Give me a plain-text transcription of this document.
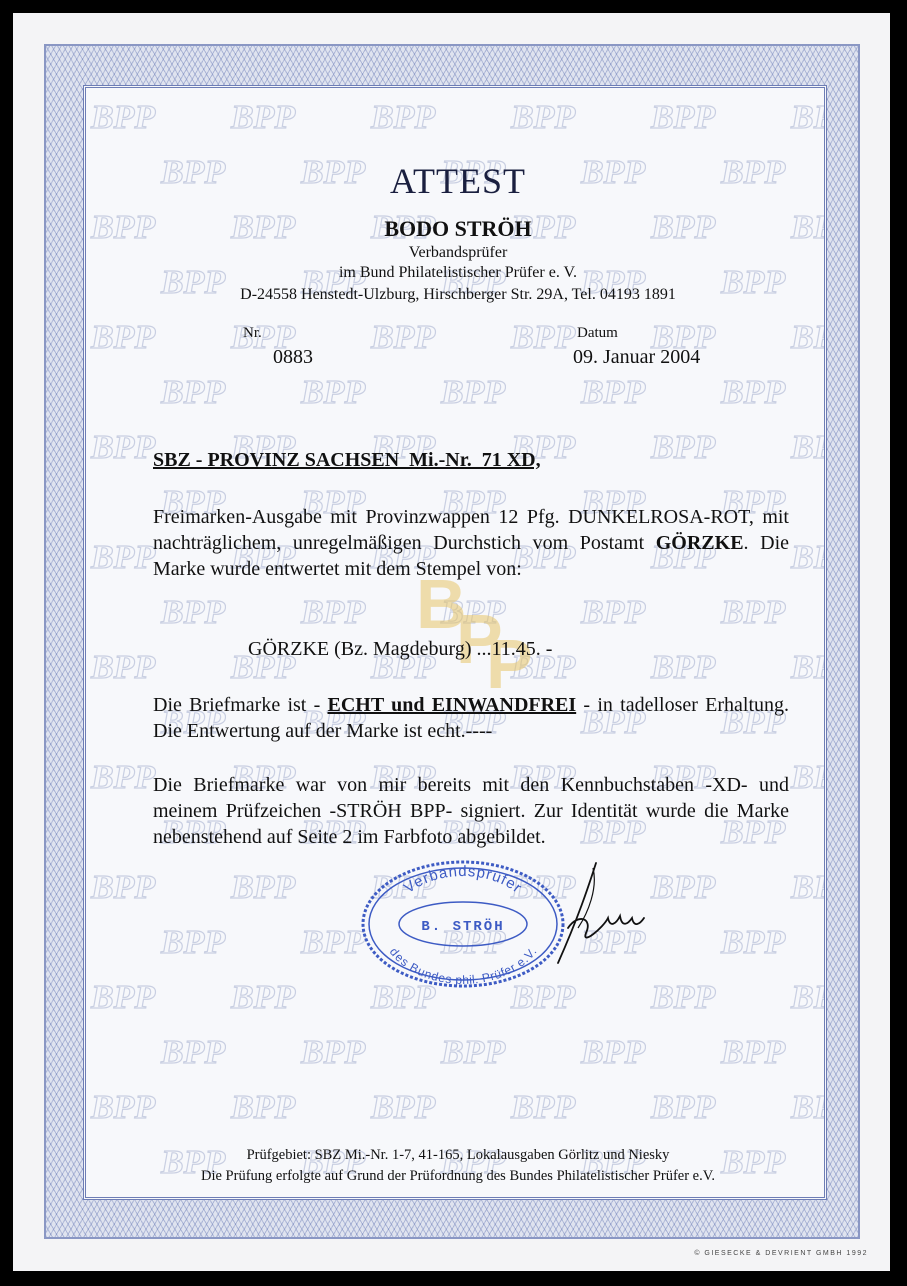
B
P
P
ATTEST
BODO STRÖH
Verbandsprüfer
im Bund Philatelistischer Prüfer e. V.
D-24558 Henstedt-Ulzburg, Hirschberger Str. 29A, Tel. 04193 1891
Nr.
0883
Datum
09. Januar 2004
SBZ - PROVINZ SACHSEN  Mi.-Nr.  71 XD,
Freimarken-Ausgabe mit Provinzwappen 12 Pfg. DUNKELROSA-ROT, mit nachträglichem, unregelmäßigen Durchstich vom Postamt GÖRZKE. Die Marke wurde entwertet mit dem Stempel von:
GÖRZKE (Bz. Magdeburg) ...11.45. -
Die Briefmarke ist - ECHT und EINWANDFREI - in tadelloser Erhaltung. Die Entwertung auf der Marke ist echt.----
Die Briefmarke war von mir bereits mit den Kennbuchstaben -XD- und meinem Prüfzeichen -STRÖH BPP- signiert. Zur Identität wurde die Marke nebenstehend auf Seite 2 im Farbfoto abgebildet.
Verbandsprüfer
B. STRÖH
des Bundes phil. Prüfer e.V.
Prüfgebiet: SBZ Mi.-Nr. 1-7, 41-165, Lokalausgaben Görlitz und Niesky
Die Prüfung erfolgte auf Grund der Prüfordnung des Bundes Philatelistischer Prüfer e.V.
© GIESECKE & DEVRIENT GMBH 1992
